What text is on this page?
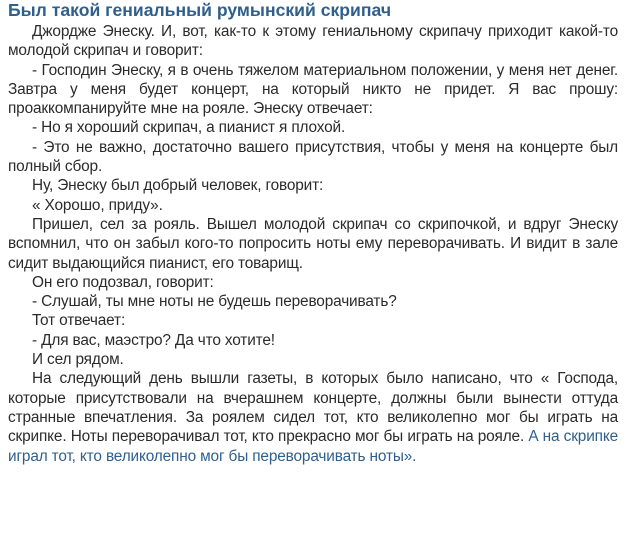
Был такой гениальный румынский скрипач

Джордже Энеску. И, вот, как-то к этому гениальному скрипачу приходит какой-то молодой скрипач и говорит:

- Господин Энеску, я в очень тяжелом материальном положении, у меня нет денег. Завтра у меня будет концерт, на который никто не придет. Я вас прошу: проаккомпанируйте мне на рояле. Энеску отвечает:

- Но я хороший скрипач, а пианист я плохой.

- Это не важно, достаточно вашего присутствия, чтобы у меня на концерте был полный сбор.

Ну, Энеску был добрый человек, говорит:

« Хорошо, приду».

Пришел, сел за рояль. Вышел молодой скрипач со скрипочкой, и вдруг Энеску вспомнил, что он забыл кого-то попросить ноты ему переворачивать. И видит в зале сидит выдающийся пианист, его товарищ.

Он его подозвал, говорит:

- Слушай, ты мне ноты не будешь переворачивать?

Тот отвечает:

- Для вас, маэстро? Да что хотите!

И сел рядом.

На следующий день вышли газеты, в которых было написано, что « Господа, которые присутствовали на вчерашнем концерте, должны были вынести оттуда странные впечатления. За роялем сидел тот, кто великолепно мог бы играть на скрипке. Ноты переворачивал тот, кто прекрасно мог бы играть на рояле. А на скрипке играл тот, кто великолепно мог бы переворачивать ноты».
